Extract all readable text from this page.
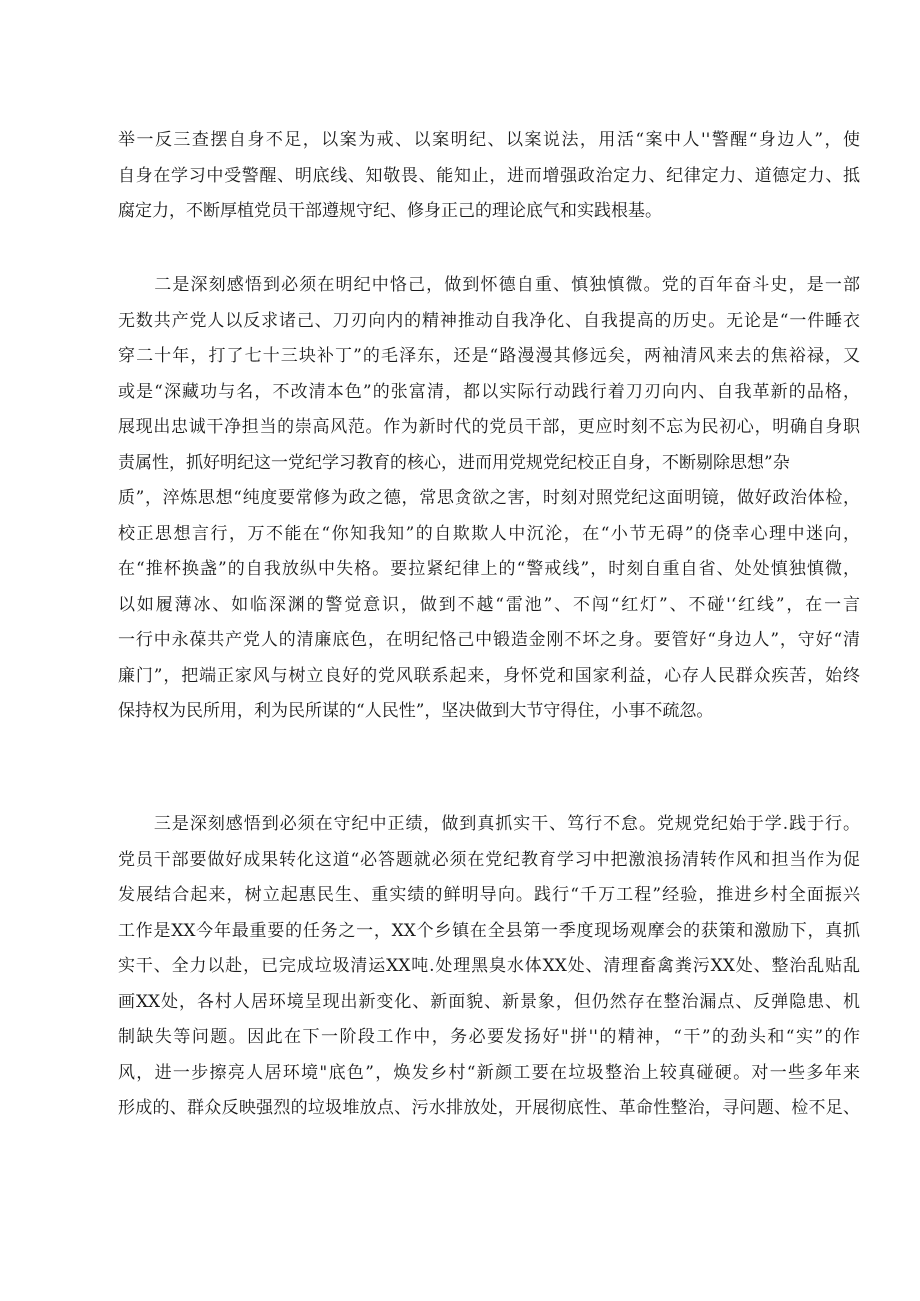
举一反三查摆自身不足，以案为戒、以案明纪、以案说法，用活“案中人''警醒“身边人”，使
自身在学习中受警醒、明底线、知敬畏、能知止，进而增强政治定力、纪律定力、道德定力、抵
腐定力，不断厚植党员干部遵规守纪、修身正己的理论底气和实践根基。
　　二是深刻感悟到必须在明纪中恪己，做到怀德自重、慎独慎微。党的百年奋斗史，是一部
无数共产党人以反求诸己、刀刃向内的精神推动自我净化、自我提高的历史。无论是“一件睡衣
穿二十年，打了七十三块补丁”的毛泽东，还是“路漫漫其修远矣，两袖清风来去的焦裕禄，又
或是“深藏功与名，不改清本色”的张富清，都以实际行动践行着刀刃向内、自我革新的品格，
展现出忠诚干净担当的崇高风范。作为新时代的党员干部，更应时刻不忘为民初心，明确自身职
责属性，抓好明纪这一党纪学习教育的核心，进而用党规党纪校正自身，不断剔除思想”杂
质”，淬炼思想“纯度要常修为政之德，常思贪欲之害，时刻对照党纪这面明镜，做好政治体检，
校正思想言行，万不能在“你知我知”的自欺欺人中沉沦，在“小节无碍”的侥幸心理中迷向，
在“推杯换盏”的自我放纵中失格。要拉紧纪律上的“警戒线”，时刻自重自省、处处慎独慎微，
以如履薄冰、如临深渊的警觉意识，做到不越“雷池”、不闯“红灯”、不碰'‘红线”，在一言
一行中永葆共产党人的清廉底色，在明纪恪己中锻造金刚不坏之身。要管好“身边人”，守好“清
廉门”，把端正家风与树立良好的党风联系起来，身怀党和国家利益，心存人民群众疾苦，始终
保持权为民所用，利为民所谋的“人民性”，坚决做到大节守得住，小事不疏忽。
　　三是深刻感悟到必须在守纪中正绩，做到真抓实干、笃行不怠。党规党纪始于学.践于行。
党员干部要做好成果转化这道“必答题就必须在党纪教育学习中把激浪扬清转作风和担当作为促
发展结合起来，树立起惠民生、重实绩的鲜明导向。践行“千万工程”经验，推进乡村全面振兴
工作是XX今年最重要的任务之一，XX个乡镇在全县第一季度现场观摩会的获策和激励下，真抓
实干、全力以赴，已完成垃圾清运XX吨.处理黑臭水体XX处、清理畜禽粪污XX处、整治乱贴乱
画XX处，各村人居环境呈现出新变化、新面貌、新景象，但仍然存在整治漏点、反弹隐患、机
制缺失等问题。因此在下一阶段工作中，务必要发扬好"拼''的精神，“干”的劲头和“实”的作
风，进一步擦亮人居环境"底色”，焕发乡村“新颜工要在垃圾整治上较真碰硬。对一些多年来
形成的、群众反映强烈的垃圾堆放点、污水排放处，开展彻底性、革命性整治，寻问题、检不足、
